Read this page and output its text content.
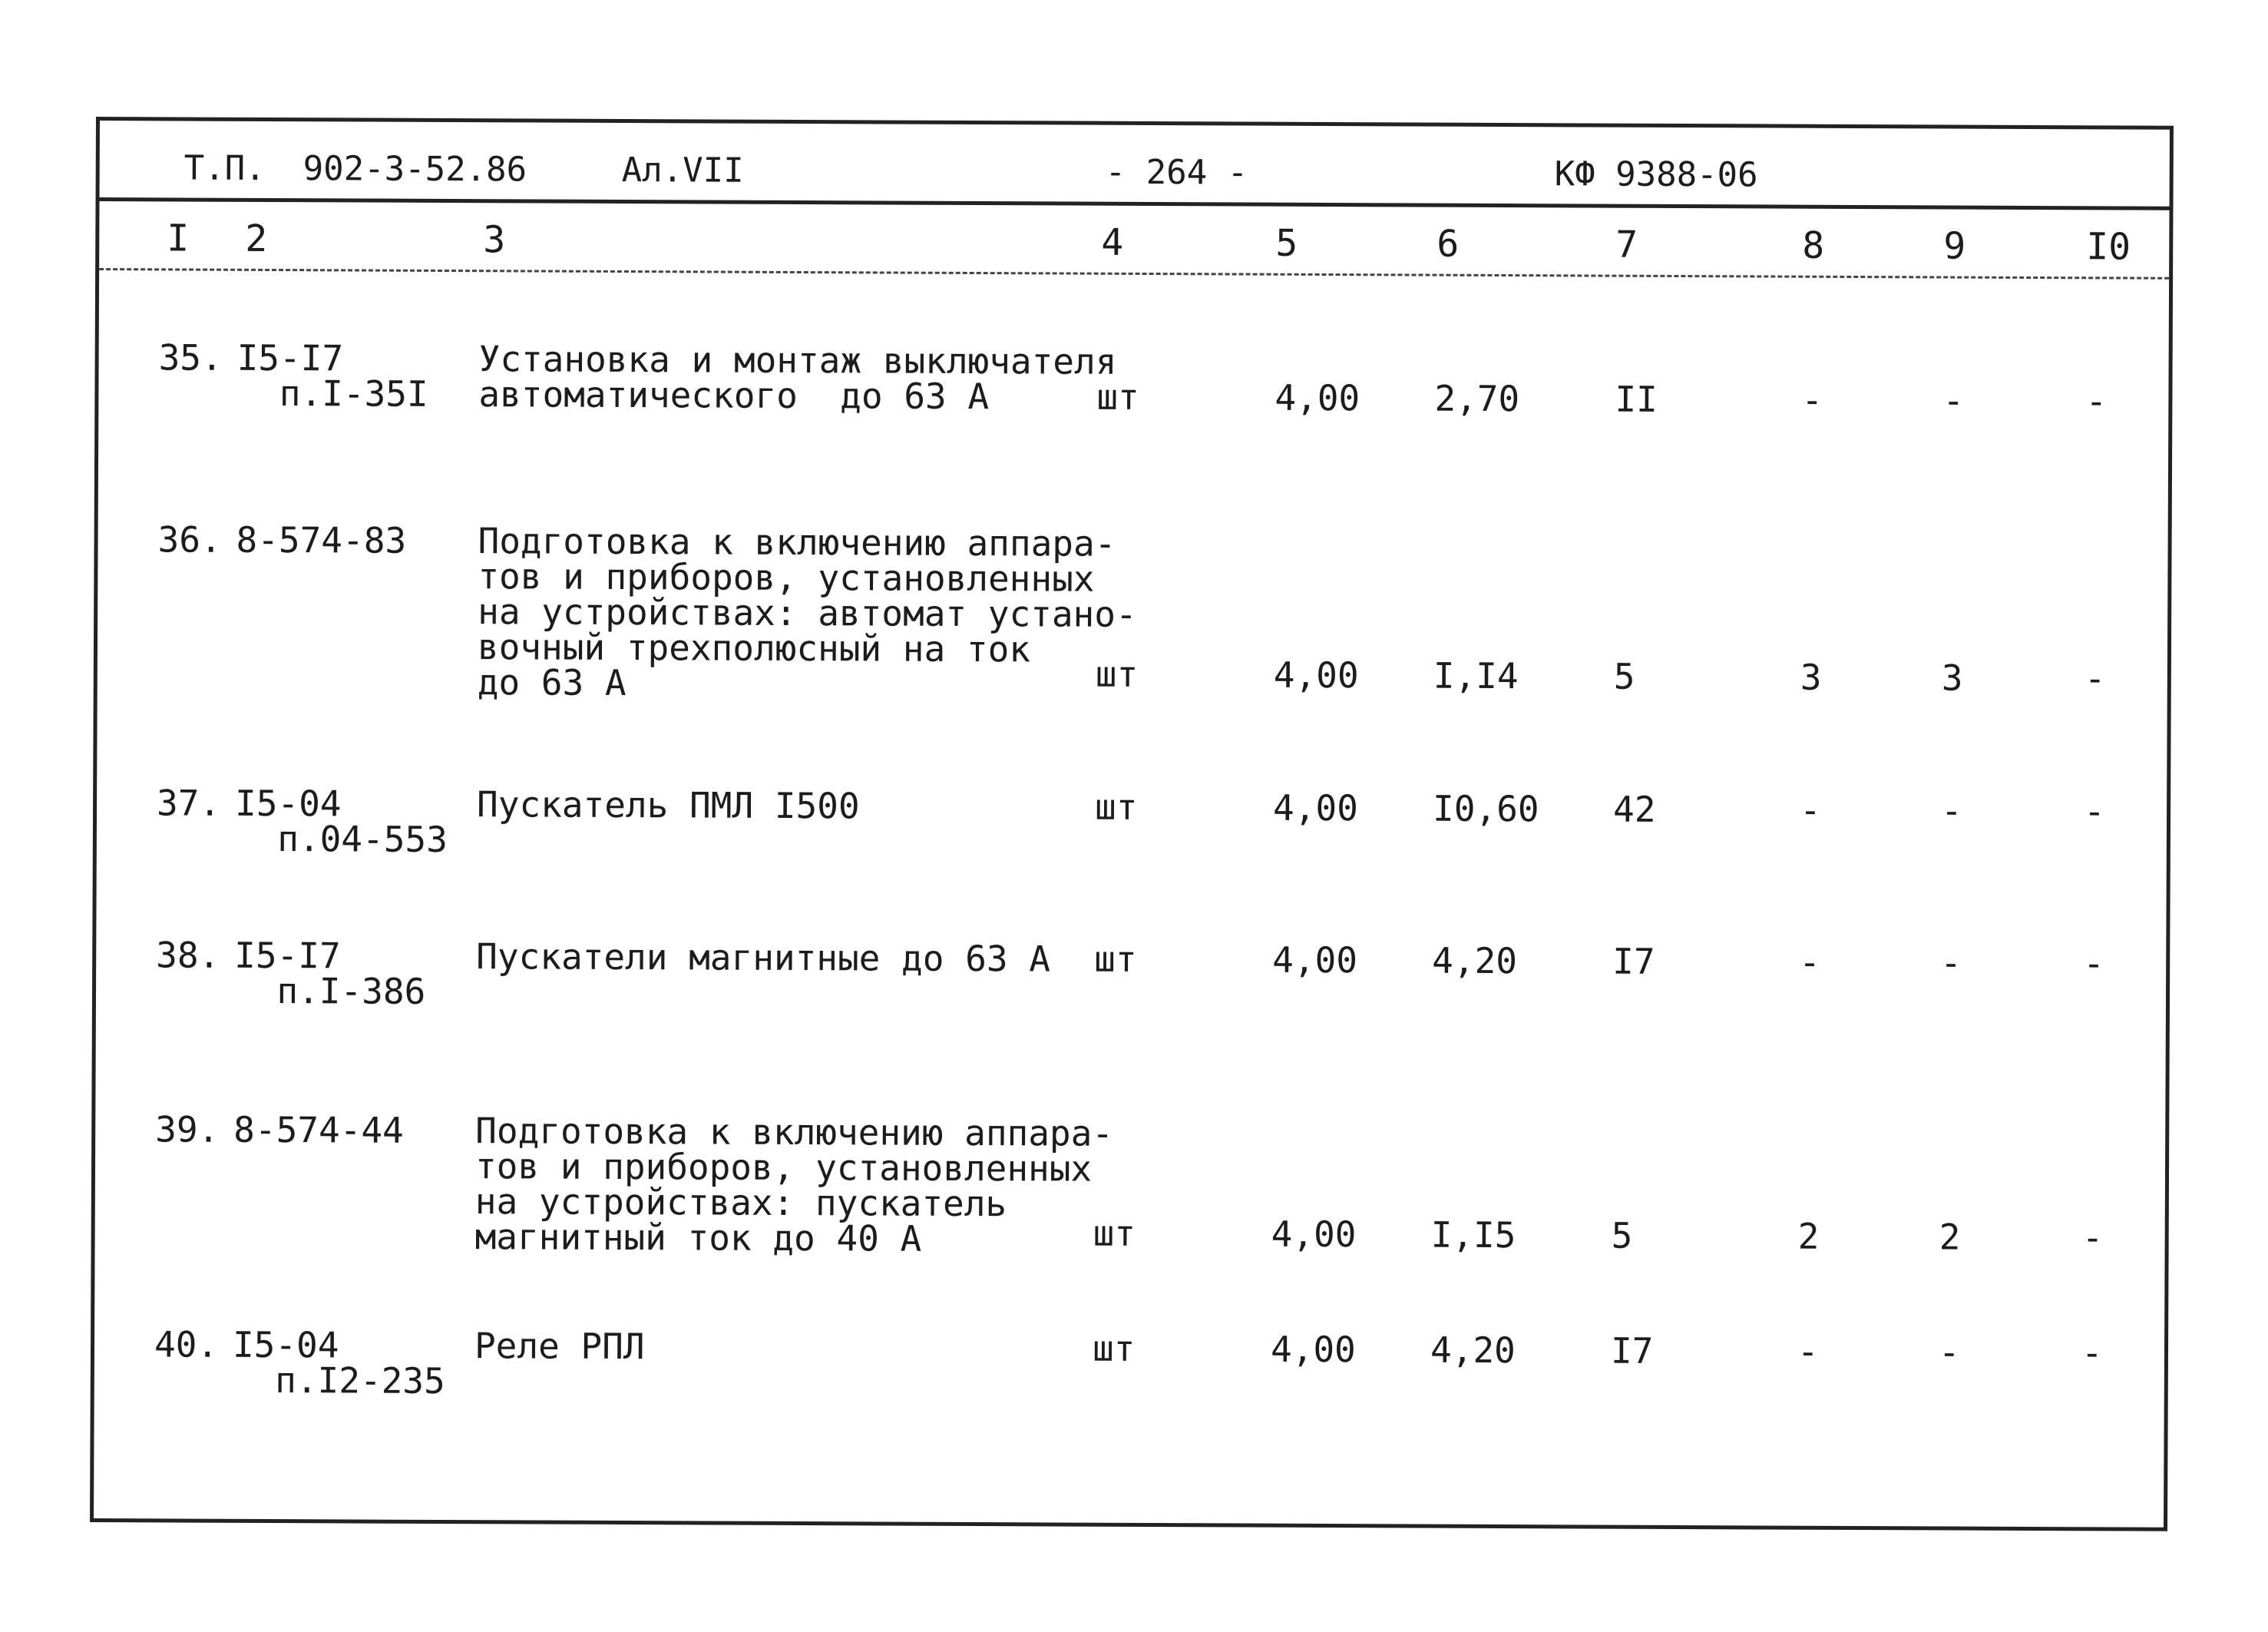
Т.П. 902-3-52.86	Ал.VII	- 264 -	КФ 9388-06
I 2	3	4	5	6	7	8	9	I0
35. I5-I7
п.I-35I
Установка и монтаж выключателя
автоматического  до 63 А	шт	4,00 2,70	II	-	-	-
36. 8-574-83 Подготовка к включению аппара-
тов и приборов, установленных
на устройствах: автомат устано-
вочный трехполюсный на ток
до 63 А	шт	4,00 I,I4	5	3	3	-
37. I5-04
п.04-553
Пускатель ПМЛ I500	шт	4,00 I0,60 42	-	-	-
38. I5-I7
п.I-386
Пускатели магнитные до 63 А шт	4,00 4,20	I7	-	-	-
39. 8-574-44 Подготовка к включению аппара-
тов и приборов, установленных
на устройствах: пускатель
магнитный ток до 40 А	шт	4,00 I,I5	5	2	2	-
40. I5-04
п.I2-235
Реле РПЛ	шт	4,00 4,20	I7	-	-	-
